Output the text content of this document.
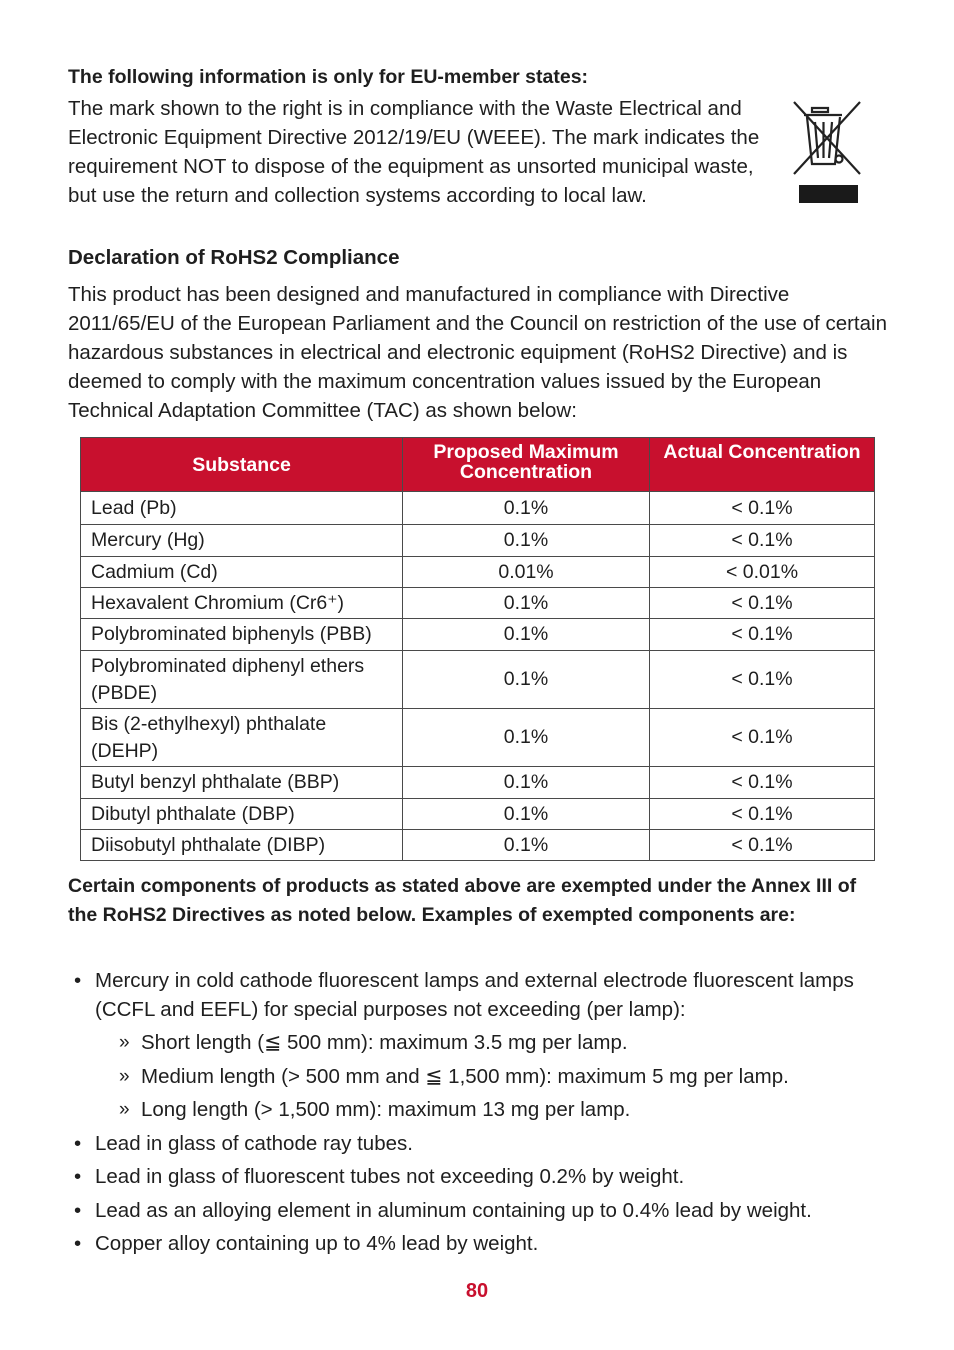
The following information is only for EU-member states:

The mark shown to the right is in compliance with the Waste Electrical and Electronic Equipment Directive 2012/19/EU (WEEE). The mark indicates the requirement NOT to dispose of the equipment as unsorted municipal waste, but use the return and collection systems according to local law.

Declaration of RoHS2 Compliance

This product has been designed and manufactured in compliance with Directive 2011/65/EU of the European Parliament and the Council on restriction of the use of certain hazardous substances in electrical and electronic equipment (RoHS2 Directive) and is deemed to comply with the maximum concentration values issued by the European Technical Adaptation Committee (TAC) as shown below:

Substance	Proposed Maximum Concentration	Actual Concentration
Lead (Pb)	0.1%	< 0.1%
Mercury (Hg)	0.1%	< 0.1%
Cadmium (Cd)	0.01%	< 0.01%
Hexavalent Chromium (Cr6⁺)	0.1%	< 0.1%
Polybrominated biphenyls (PBB)	0.1%	< 0.1%
Polybrominated diphenyl ethers (PBDE)	0.1%	< 0.1%
Bis (2-ethylhexyl) phthalate (DEHP)	0.1%	< 0.1%
Butyl benzyl phthalate (BBP)	0.1%	< 0.1%
Dibutyl phthalate (DBP)	0.1%	< 0.1%
Diisobutyl phthalate (DIBP)	0.1%	< 0.1%

Certain components of products as stated above are exempted under the Annex III of the RoHS2 Directives as noted below. Examples of exempted components are:

• Mercury in cold cathode fluorescent lamps and external electrode fluorescent lamps (CCFL and EEFL) for special purposes not exceeding (per lamp):
» Short length (≦ 500 mm): maximum 3.5 mg per lamp.
» Medium length (> 500 mm and ≦ 1,500 mm): maximum 5 mg per lamp.
» Long length (> 1,500 mm): maximum 13 mg per lamp.
• Lead in glass of cathode ray tubes.
• Lead in glass of fluorescent tubes not exceeding 0.2% by weight.
• Lead as an alloying element in aluminum containing up to 0.4% lead by weight.
• Copper alloy containing up to 4% lead by weight.
80
